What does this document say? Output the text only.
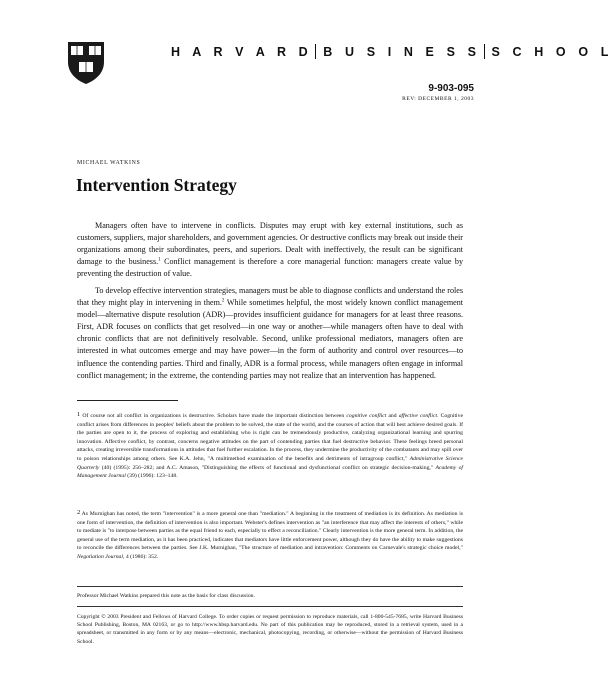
H A R V A R D B U S I N E S S S C H O O L
9-903-095
REV: DECEMBER 1, 2003
MICHAEL WATKINS
Intervention Strategy

Managers often have to intervene in conflicts. Disputes may erupt with key external institutions, such as customers, suppliers, major shareholders, and government agencies. Or destructive conflicts may break out inside their organizations among their subordinates, peers, and superiors. Dealt with ineffectively, the result can be significant damage to the business.$^1$ Conflict management is therefore a core managerial function: managers create value by preventing the destruction of value.

To develop effective intervention strategies, managers must be able to diagnose conflicts and understand the roles that they might play in intervening in them.$^2$ While sometimes helpful, the most widely known conflict management model—alternative dispute resolution (ADR)—provides insufficient guidance for managers for at least three reasons. First, ADR focuses on conflicts that get resolved—in one way or another—while managers often have to deal with chronic conflicts that are not definitively resolvable. Second, unlike professional mediators, managers often are interested in what outcomes emerge and may have power—in the form of authority and control over resources—to influence the contending parties. Third and finally, ADR is a formal process, while managers often engage in informal conflict management; in the extreme, the contending parties may not realize that an intervention has happened.

1 Of course not all conflict in organizations is destructive. Scholars have made the important distinction between cognitive conflict and affective conflict. Cognitive conflict arises from differences in peoples' beliefs about the problem to be solved, the state of the world, and the courses of action that will best achieve desired goals. If the parties are open to it, the process of exploring and establishing who is right can be tremendously productive, catalyzing organizational learning and spurring innovation. Affective conflict, by contrast, concerns negative attitudes on the part of contending parties that fuel destructive behavior. These feelings breed personal attacks, creating irreversible transformations in attitudes that fuel further escalation. In the process, they undermine the productivity of the combatants and may spill over to poison relationships among others. See K.A. Jehn, "A multimethod examination of the benefits and detriments of intragroup conflict," Administrative Science Quarterly (40) (1995): 256–282; and A.C. Amason, "Distinguishing the effects of functional and dysfunctional conflict on strategic decision-making," Academy of Management Journal (39) (1996): 123–148.

2 As Murnighan has noted, the term "intervention" is a more general one than "mediation." A beginning in the treatment of mediation is its definition. As mediation is one form of intervention, the definition of intervention is also important. Webster's defines intervention as "an interference that may affect the interests of others," while to mediate is "to interpose between parties as the equal friend to each, especially to effect a reconciliation." Clearly intervention is the more general term. In addition, the general use of the term mediation, as it has been practiced, indicates that mediators have little enforcement power, although they do have the ability to make suggestions to reconcile the differences between the parties. See J.K. Murnighan, "The structure of mediation and intravention: Comments on Carnevale's strategic choice model," Negotiation Journal, 4 (1986): 352.

Professor Michael Watkins prepared this note as the basis for class discussion.

Copyright © 2003 President and Fellows of Harvard College. To order copies or request permission to reproduce materials, call 1-800-545-7685, write Harvard Business School Publishing, Boston, MA 02163, or go to http://www.hbsp.harvard.edu. No part of this publication may be reproduced, stored in a retrieval system, used in a spreadsheet, or transmitted in any form or by any means—electronic, mechanical, photocopying, recording, or otherwise—without the permission of Harvard Business School.
